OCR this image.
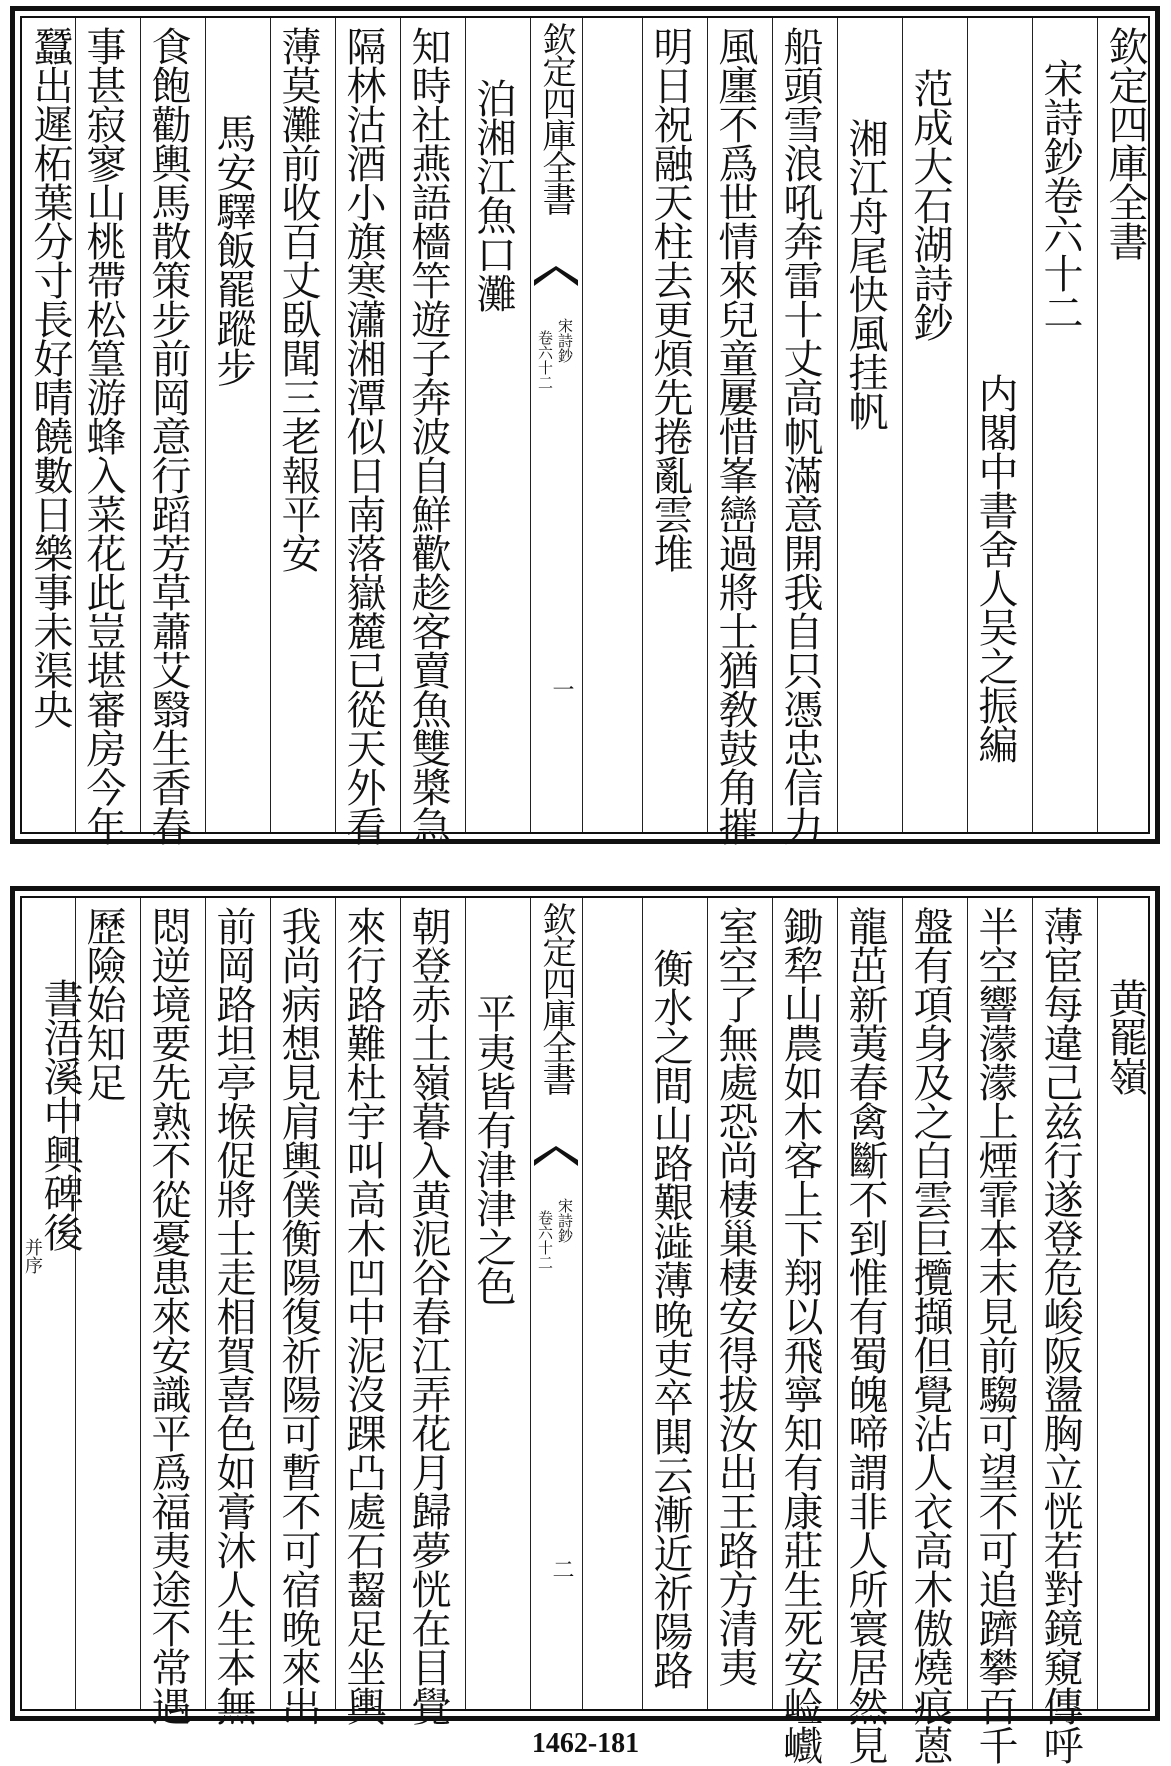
欽定四庫全書
宋詩鈔卷六十二
内閣中書舍人吴之振編
范成大石湖詩鈔
湘江舟尾快風挂帆
船頭雪浪吼奔雷十丈高帆滿意開我自只憑忠信力
風廛不爲世情來兒童屢惜峯巒過將士猶敎鼓角摧
明日祝融天柱去更煩先捲亂雲堆
欽定四庫全書
宋詩鈔
卷六十二
一
泊湘江魚口灘
知時社燕語檣竿遊子奔波自鮮歡趁客賣魚雙槳急
隔林沽酒小旗寒瀟湘潭似日南落嶽麓已從天外看
薄莫灘前收百丈臥聞三老報平安
馬安驛飯罷蹤步
食飽勸輿馬散策步前岡意行蹈芳草蕭艾翳生香春
事甚寂寥山桃帶松篁游蜂入菜花此豈堪審房今年
蠶出遲柘葉分寸長好晴饒數日樂事未渠央
黄罷嶺
薄宦每違己兹行遂登危峻阪盪胸立恍若對鏡窺傳呼
半空響濛濛上煙霏本末見前騶可望不可追躋攀百千
盤有項身及之白雲巨攬擷但覺沾人衣高木傲燒痕蒽
龍茁新荑春禽斷不到惟有蜀魄啼謂非人所寰居然見
鋤犂山農如木客上下翔以飛寧知有康莊生死安崄巇
室空了無處恐尚棲巢棲安得拔汝出王路方清夷
衡水之間山路艱澁薄晚吏卒閧云漸近祈陽路
欽定四庫全書
宋詩鈔
卷六十二
二
平夷皆有津津之色
朝登赤土嶺暮入黄泥谷春江弄花月歸夢恍在目覺
來行路難杜宇叫高木凹中泥沒踝凸處石齧足坐輿
我尚病想見肩輿僕衡陽復祈陽可暫不可宿晚來出
前岡路坦亭堠促將士走相賀喜色如膏沐人生本無
悶逆境要先熟不從憂患來安識平爲福夷途不常遇
歷險始知足
書浯溪中興碑後
并序
1462-181
